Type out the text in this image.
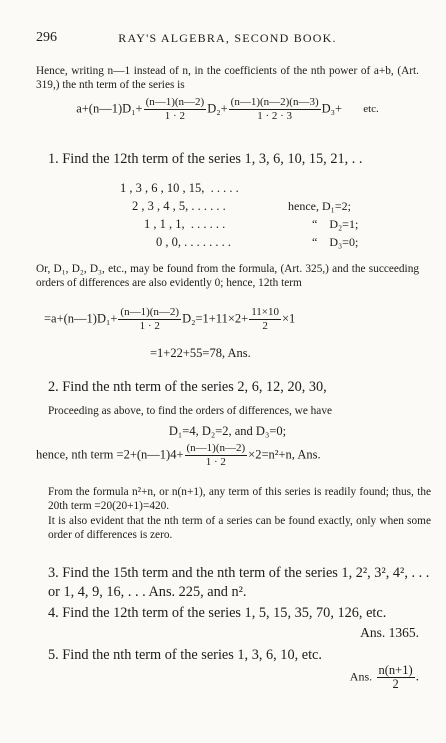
296	RAY'S ALGEBRA, SECOND BOOK.
Hence, writing n—1 instead of n, in the coefficients of the nth power of a+b, (Art. 319,) the nth term of the series is
a+(n—1)D₁+ $\frac{(n—1)(n—2)}{1 \cdot 2} D_2+ \frac{(n—1)(n—2)(n—3)}{1 \cdot 2 \cdot 3} D_3+$ etc.
1. Find the 12th term of the series 1, 3, 6, 10, 15, 21, . .
1 , 3 , 6 , 10 , 15,  . . . . .
2 , 3 , 4 , 5, . . . . . .	hence, D₁=2;
1 , 1 , 1,  . . . . . .	“    D₂=1;
0 , 0, . . . . . . . .	“    D₃=0;
Or, D₁, D₂, D₃, etc., may be found from the formula, (Art. 325,) and the succeeding orders of differences are also evidently 0; hence, 12th term
=a+(n—1)D₁+ $\frac{(n—1)(n—2)}{1 \cdot 2} D_2=1+11\times 2+ \frac{11\times 10}{2} \times 1$
=1+22+55=78, Ans.
2. Find the nth term of the series 2, 6, 12, 20, 30,
Proceeding as above, to find the orders of differences, we have
D₁=4, D₂=2, and D₃=0;
hence, nth term =2+(n—1)4+ $\frac{(n—1)(n—2)}{1 \cdot 2} \times 2=n^2+n$, Ans.
From the formula n²+n, or n(n+1), any term of this series is readily found; thus, the 20th term =20(20+1)=420.
It is also evident that the nth term of a series can be found exactly, only when some order of differences is zero.
3. Find the 15th term and the nth term of the series 1, 2², 3², 4², . . . or 1, 4, 9, 16, . . . Ans. 225, and n².
4. Find the 12th term of the series 1, 5, 15, 35, 70, 126, etc.
Ans. 1365.
5. Find the nth term of the series 1, 3, 6, 10, etc.
Ans. $\frac{n(n+1)}{2}$ .
